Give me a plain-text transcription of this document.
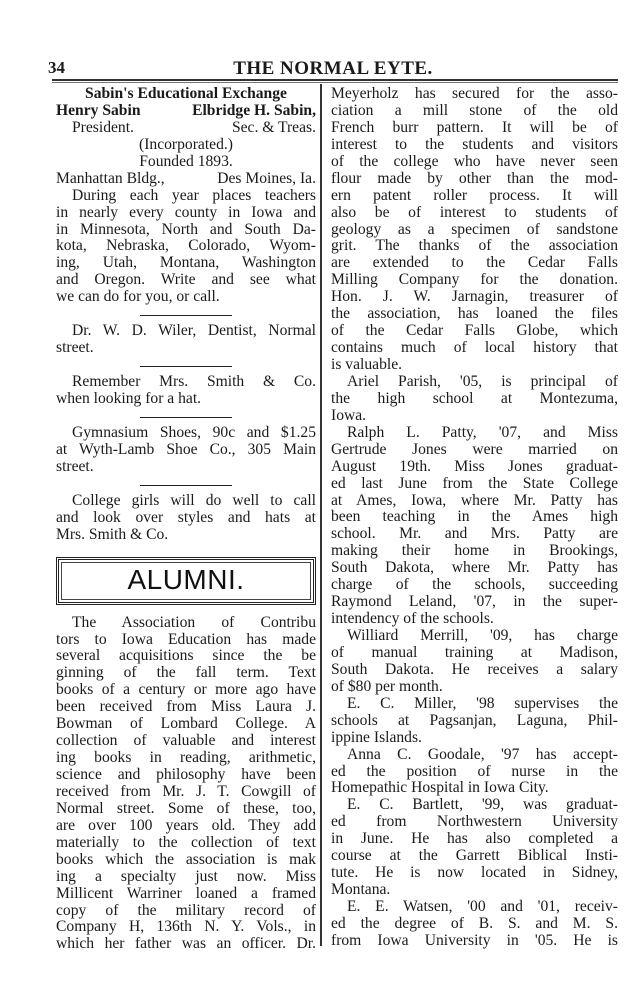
34	THE NORMAL EYTE.
Sabin's Educational Exchange
Henry Sabin	Elbridge H. Sabin,
President.	Sec. & Treas.
(Incorporated.)
Founded 1893.
Manhattan Bldg.,	Des Moines, Ia.
During each year places teachers
in nearly every county in Iowa and
in Minnesota, North and South Da-
kota, Nebraska, Colorado, Wyom-
ing, Utah, Montana, Washington
and Oregon. Write and see what
we can do for you, or call.
Dr. W. D. Wiler, Dentist, Normal
street.
Remember Mrs. Smith & Co.
when looking for a hat.
Gymnasium Shoes, 90c and $1.25
at Wyth-Lamb Shoe Co., 305 Main
street.
College girls will do well to call
and look over styles and hats at
Mrs. Smith & Co.
ALUMNI.
The Association of Contribu
tors to Iowa Education has made
several acquisitions since the be
ginning of the fall term. Text
books of a century or more ago have
been received from Miss Laura J.
Bowman of Lombard College. A
collection of valuable and interest
ing books in reading, arithmetic,
science and philosophy have been
received from Mr. J. T. Cowgill of
Normal street. Some of these, too,
are over 100 years old. They add
materially to the collection of text
books which the association is mak
ing a specialty just now. Miss
Millicent Warriner loaned a framed
copy of the military record of
Company H, 136th N. Y. Vols., in
which her father was an officer. Dr.
Meyerholz has secured for the asso-
ciation a mill stone of the old
French burr pattern. It will be of
interest to the students and visitors
of the college who have never seen
flour made by other than the mod-
ern patent roller process. It will
also be of interest to students of
geology as a specimen of sandstone
grit. The thanks of the association
are extended to the Cedar Falls
Milling Company for the donation.
Hon. J. W. Jarnagin, treasurer of
the association, has loaned the files
of the Cedar Falls Globe, which
contains much of local history that
is valuable.
Ariel Parish, '05, is principal of
the high school at Montezuma,
Iowa.
Ralph L. Patty, '07, and Miss
Gertrude Jones were married on
August 19th. Miss Jones graduat-
ed last June from the State College
at Ames, Iowa, where Mr. Patty has
been teaching in the Ames high
school. Mr. and Mrs. Patty are
making their home in Brookings,
South Dakota, where Mr. Patty has
charge of the schools, succeeding
Raymond Leland, '07, in the super-
intendency of the schools.
Williard Merrill, '09, has charge
of manual training at Madison,
South Dakota. He receives a salary
of $80 per month.
E. C. Miller, '98 supervises the
schools at Pagsanjan, Laguna, Phil-
ippine Islands.
Anna C. Goodale, '97 has accept-
ed the position of nurse in the
Homepathic Hospital in Iowa City.
E. C. Bartlett, '99, was graduat-
ed from Northwestern University
in June. He has also completed a
course at the Garrett Biblical Insti-
tute. He is now located in Sidney,
Montana.
E. E. Watsen, '00 and '01, receiv-
ed the degree of B. S. and M. S.
from Iowa University in '05. He is
